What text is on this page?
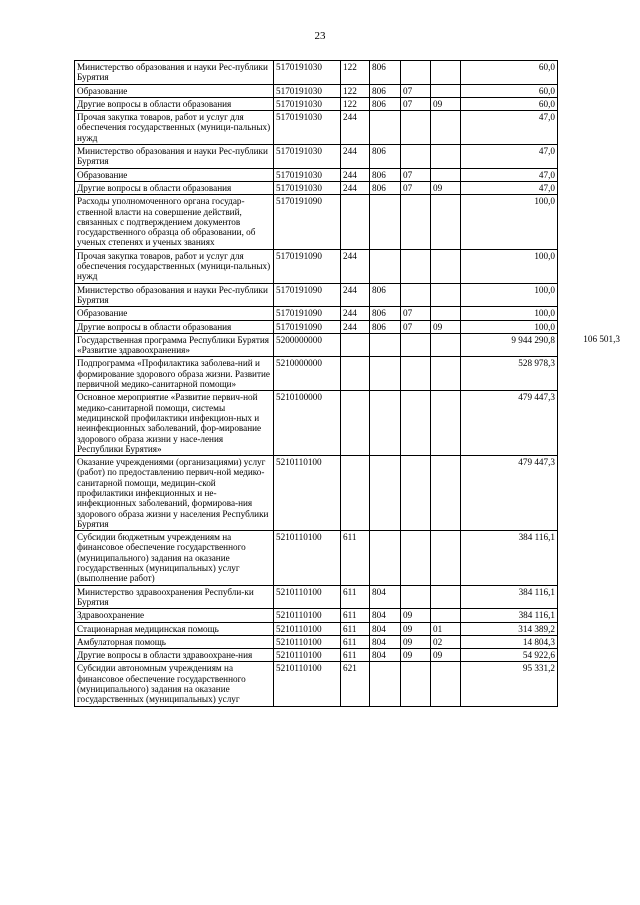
23
Министерство образования и науки Рес-публики Бурятия	5170191030	122	806			60,0	
Образование	5170191030	122	806	07		60,0	
Другие вопросы в области образования	5170191030	122	806	07	09	60,0	
Прочая закупка товаров, работ и услуг для обеспечения государственных (муници-пальных) нужд	5170191030	244				47,0	
Министерство образования и науки Рес-публики Бурятия	5170191030	244	806			47,0	
Образование	5170191030	244	806	07		47,0	
Другие вопросы в области образования	5170191030	244	806	07	09	47,0	
Расходы уполномоченного органа государ-ственной власти на совершение действий, связанных с подтверждением документов государственного образца об образовании, об ученых степенях и ученых званиях	5170191090					100,0	
Прочая закупка товаров, работ и услуг для обеспечения государственных (муници-пальных) нужд	5170191090	244				100,0	
Министерство образования и науки Рес-публики Бурятия	5170191090	244	806			100,0	
Образование	5170191090	244	806	07		100,0	
Другие вопросы в области образования	5170191090	244	806	07	09	100,0	
Государственная программа Республики Бурятия «Развитие здравоохранения»	5200000000					9 944 290,8	106 501,3
Подпрограмма «Профилактика заболева-ний и формирование здорового образа жизни. Развитие первичной медико-санитарной помощи»	5210000000					528 978,3	
Основное мероприятие «Развитие первич-ной медико-санитарной помощи, системы медицинской профилактики инфекцион-ных и неинфекционных заболеваний, фор-мирование здорового образа жизни у насе-ления Республики Бурятия»	5210100000					479 447,3	
Оказание учреждениями (организациями) услуг (работ) по предоставлению первич-ной медико-санитарной помощи, медицин-ской профилактики инфекционных и не-инфекционных заболеваний, формирова-ния здорового образа жизни у населения Республики Бурятия	5210110100					479 447,3	
Субсидии бюджетным учреждениям на финансовое обеспечение государственного (муниципального) задания на оказание государственных (муниципальных) услуг (выполнение работ)	5210110100	611				384 116,1	
Министерство здравоохранения Республи-ки Бурятия	5210110100	611	804			384 116,1	
Здравоохранение	5210110100	611	804	09		384 116,1	
Стационарная медицинская помощь	5210110100	611	804	09	01	314 389,2	
Амбулаторная помощь	5210110100	611	804	09	02	14 804,3	
Другие вопросы в области здравоохране-ния	5210110100	611	804	09	09	54 922,6	
Субсидии автономным учреждениям на финансовое обеспечение государственного (муниципального) задания на оказание государственных (муниципальных) услуг	5210110100	621				95 331,2	
